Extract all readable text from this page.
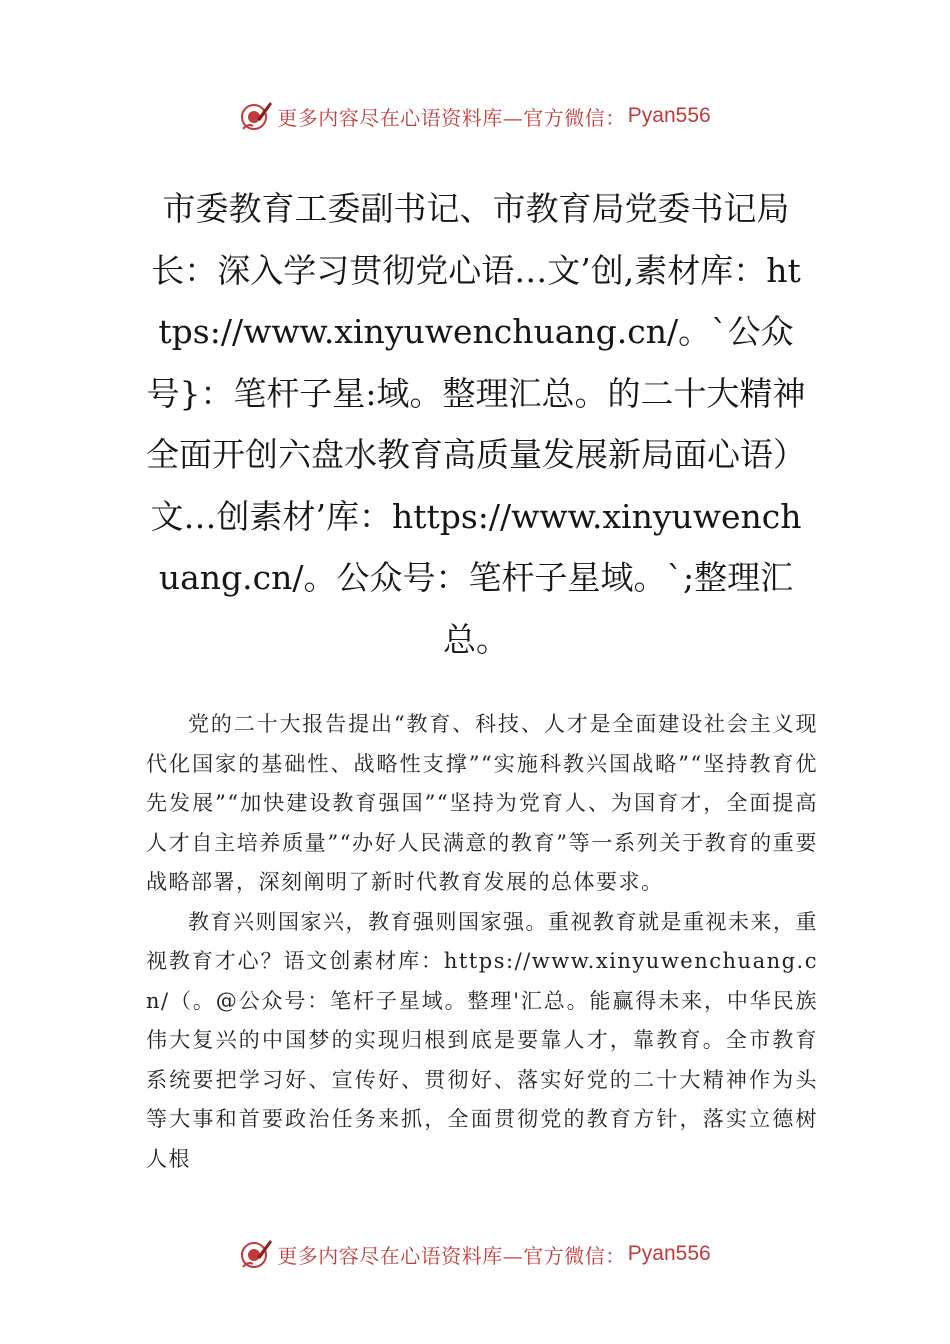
更多内容尽在心语资料库—官方微信： Pyan556
市委教育工委副书记、市教育局党委书记局长：深入学习贯彻党心语…文’创,素材库：https://www.xinyuwenchuang.cn/。`公众号}：笔杆子星:域。整理汇总。的二十大精神 全面开创六盘水教育高质量发展新局面心语）文…创素材’库：https://www.xinyuwenchuang.cn/。公众号：笔杆子星域。`;整理汇总。

党的二十大报告提出“教育、科技、人才是全面建设社会主义现代化国家的基础性、战略性支撑”“实施科教兴国战略”“坚持教育优先发展”“加快建设教育强国”“坚持为党育人、为国育才，全面提高人才自主培养质量”“办好人民满意的教育”等一系列关于教育的重要战略部署，深刻阐明了新时代教育发展的总体要求。

教育兴则国家兴，教育强则国家强。重视教育就是重视未来，重视教育才心？语文创素材库：https://www.xinyuwenchuang.cn/（。@公众号：笔杆子星域。整理'汇总。能赢得未来，中华民族伟大复兴的中国梦的实现归根到底是要靠人才，靠教育。全市教育系统要把学习好、宣传好、贯彻好、落实好党的二十大精神作为头等大事和首要政治任务来抓，全面贯彻党的教育方针，落实立德树人根

更多内容尽在心语资料库—官方微信： Pyan556
